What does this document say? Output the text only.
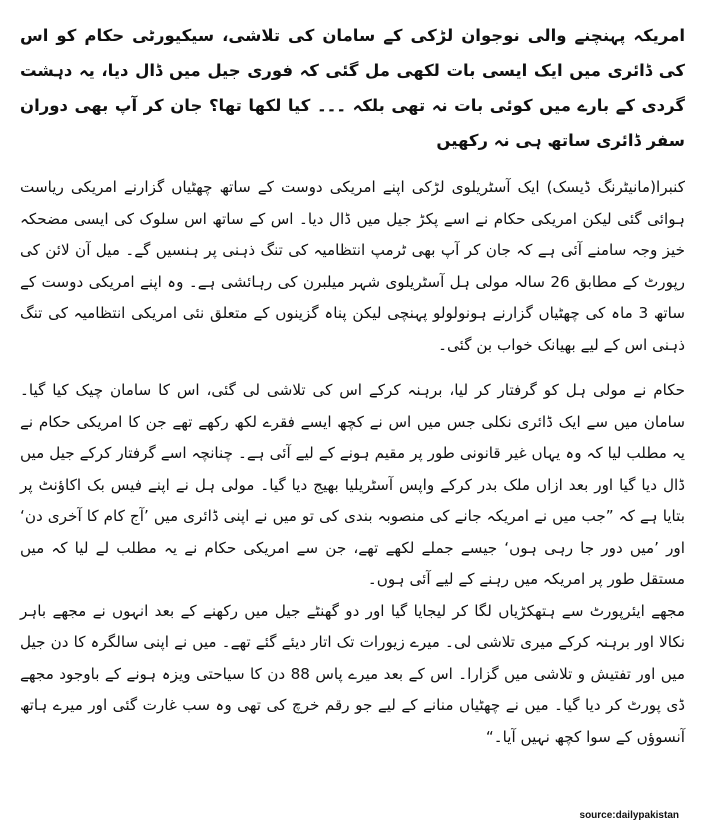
امریکہ پہنچنے والی نوجوان لڑکی کے سامان کی تلاشی، سیکیورٹی حکام کو اس کی ڈائری میں ایک ایسی بات لکھی مل گئی کہ فوری جیل میں ڈال دیا، یہ دہشت گردی کے بارے میں کوئی بات نہ تھی بلکہ ۔۔۔ کیا لکھا تھا؟ جان کر آپ بھی دوران سفر ڈائری ساتھ ہی نہ رکھیں

کنبرا(مانیٹرنگ ڈیسک) ایک آسٹریلوی لڑکی اپنے امریکی دوست کے ساتھ چھٹیاں گزارنے امریکی ریاست ہوائی گئی لیکن امریکی حکام نے اسے پکڑ جیل میں ڈال دیا۔ اس کے ساتھ اس سلوک کی ایسی مضحکہ خیز وجہ سامنے آئی ہے کہ جان کر آپ بھی ٹرمپ انتظامیہ کی تنگ ذہنی پر ہنسیں گے۔ میل آن لائن کی رپورٹ کے مطابق 26 سالہ مولی ہل آسٹریلوی شہر میلبرن کی رہائشی ہے۔ وہ اپنے امریکی دوست کے ساتھ 3 ماہ کی چھٹیاں گزارنے ہونولولو پہنچی لیکن پناہ گزینوں کے متعلق نئی امریکی انتظامیہ کی تنگ ذہنی اس کے لیے بھیانک خواب بن گئی۔

حکام نے مولی ہل کو گرفتار کر لیا، برہنہ کرکے اس کی تلاشی لی گئی، اس کا سامان چیک کیا گیا۔ سامان میں سے ایک ڈائری نکلی جس میں اس نے کچھ ایسے فقرے لکھ رکھے تھے جن کا امریکی حکام نے یہ مطلب لیا کہ وہ یہاں غیر قانونی طور پر مقیم ہونے کے لیے آئی ہے۔ چنانچہ اسے گرفتار کرکے جیل میں ڈال دیا گیا اور بعد ازاں ملک بدر کرکے واپس آسٹریلیا بھیج دیا گیا۔ مولی ہل نے اپنے فیس بک اکاﺅنٹ پر بتایا ہے کہ ”جب میں نے امریکہ جانے کی منصوبہ بندی کی تو میں نے اپنی ڈائری میں ’آج کام کا آخری دن‘ اور ’میں دور جا رہی ہوں‘ جیسے جملے لکھے تھے، جن سے امریکی حکام نے یہ مطلب لے لیا کہ میں مستقل طور پر امریکہ میں رہنے کے لیے آئی ہوں۔

مجھے ایئرپورٹ سے ہتھکڑیاں لگا کر لیجایا گیا اور دو گھنٹے جیل میں رکھنے کے بعد انہوں نے مجھے باہر نکالا اور برہنہ کرکے میری تلاشی لی۔ میرے زیورات تک اتار دیئے گئے تھے۔ میں نے اپنی سالگرہ کا دن جیل میں اور تفتیش و تلاشی میں گزارا۔ اس کے بعد میرے پاس 88 دن کا سیاحتی ویزہ ہونے کے باوجود مجھے ڈی پورٹ کر دیا گیا۔ میں نے چھٹیاں منانے کے لیے جو رقم خرچ کی تھی وہ سب غارت گئی اور میرے ہاتھ آنسوﺅں کے سوا کچھ نہیں آیا۔“

source:dailypakistan
